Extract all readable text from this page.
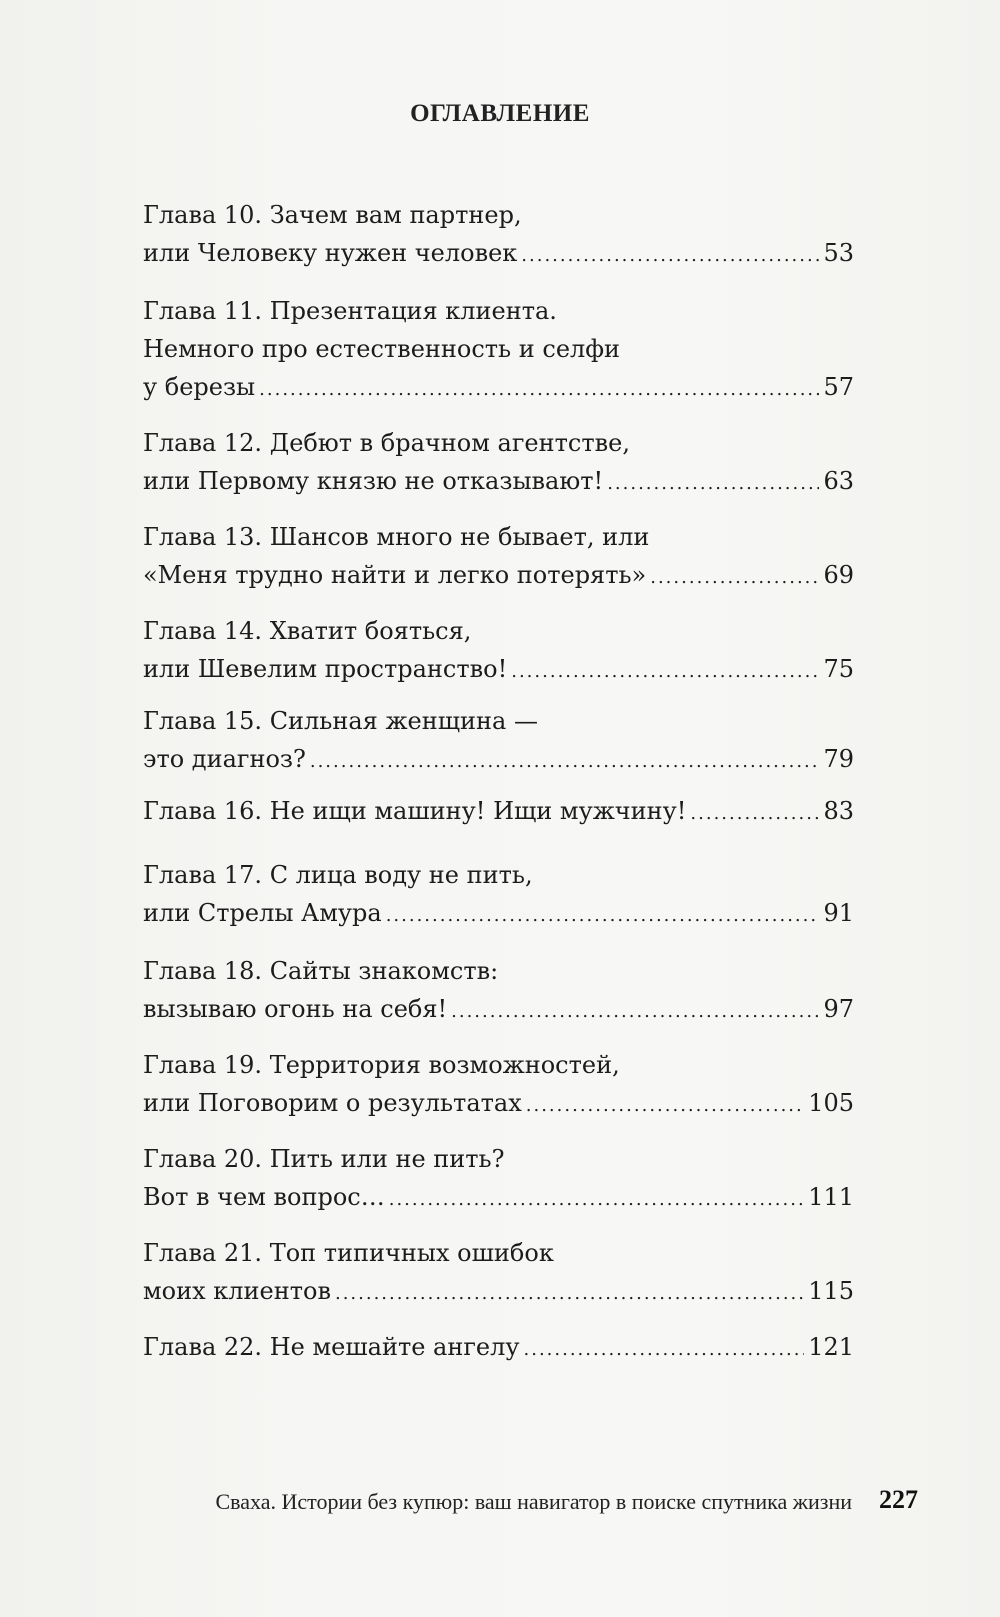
ОГЛАВЛЕНИЕ
Глава 10. Зачем вам партнер,
или Человеку нужен человек .....	53
Глава 11. Презентация клиента.
Немного про естественность и селфи
у березы .....	57
Глава 12. Дебют в брачном агентстве,
или Первому князю не отказывают! .....	63
Глава 13. Шансов много не бывает, или
«Меня трудно найти и легко потерять» .....	69
Глава 14. Хватит бояться,
или Шевелим пространство! .....	75
Глава 15. Сильная женщина —
это диагноз? .....	79
Глава 16. Не ищи машину! Ищи мужчину! .....	83
Глава 17. С лица воду не пить,
или Стрелы Амура .....	91
Глава 18. Сайты знакомств:
вызываю огонь на себя! .....	97
Глава 19. Территория возможностей,
или Поговорим о результатах .....	105
Глава 20. Пить или не пить?
Вот в чем вопрос… .....	111
Глава 21. Топ типичных ошибок
моих клиентов .....	115
Глава 22. Не мешайте ангелу .....	121
Сваха. Истории без купюр: ваш навигатор в поиске спутника жизни 227
